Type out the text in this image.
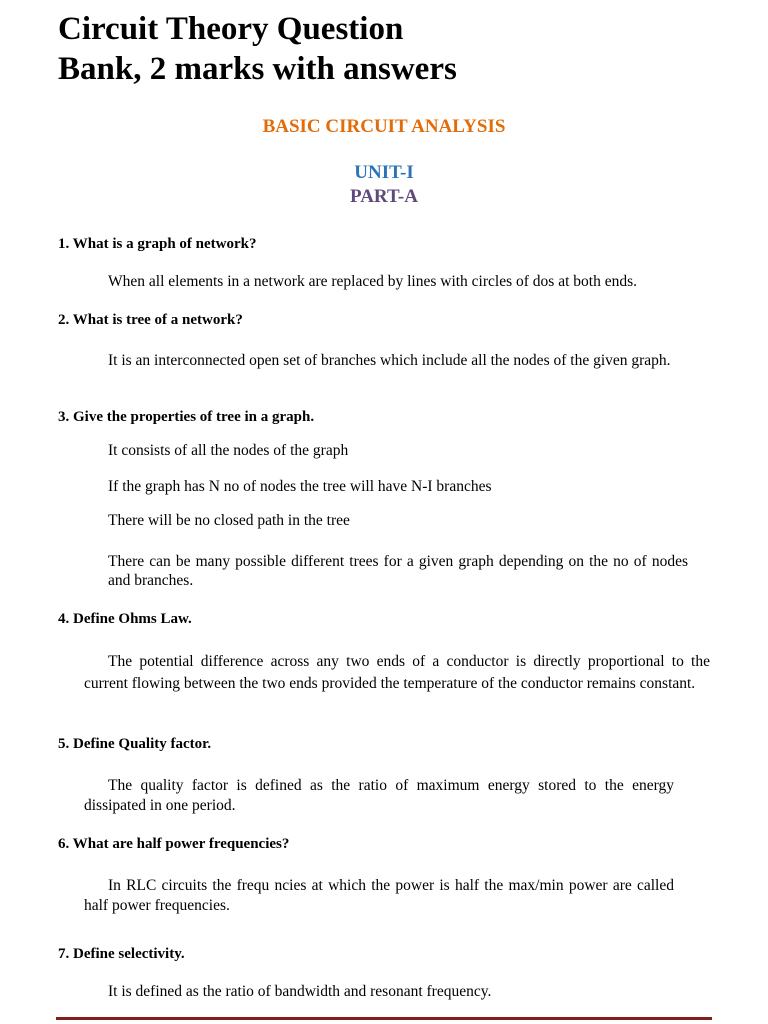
Circuit Theory Question
Bank, 2 marks with answers
BASIC CIRCUIT ANALYSIS
UNIT-I
PART-A
1. What is a graph of network?
When all elements in a network are replaced by lines with circles of dos at both ends.
2. What is tree of a network?
It is an interconnected open set of branches which include all the nodes of the given graph.
3. Give the properties of tree in a graph.
It consists of all the nodes of the graph
If the graph has N no of nodes the tree will have N-I branches
There will be no closed path in the tree
There can be many possible different trees for a given graph depending on the no of nodes and branches.
4. Define Ohms Law.
The potential difference across any two ends of a conductor is directly proportional to the current flowing between the two ends provided the temperature of the conductor remains constant.
5. Define Quality factor.
The quality factor is defined as the ratio of maximum energy stored to the energy dissipated in one period.
6. What are half power frequencies?
In RLC circuits the frequ ncies at which the power is half the max/min power are called half power frequencies.
7. Define selectivity.
It is defined as the ratio of bandwidth and resonant frequency.
